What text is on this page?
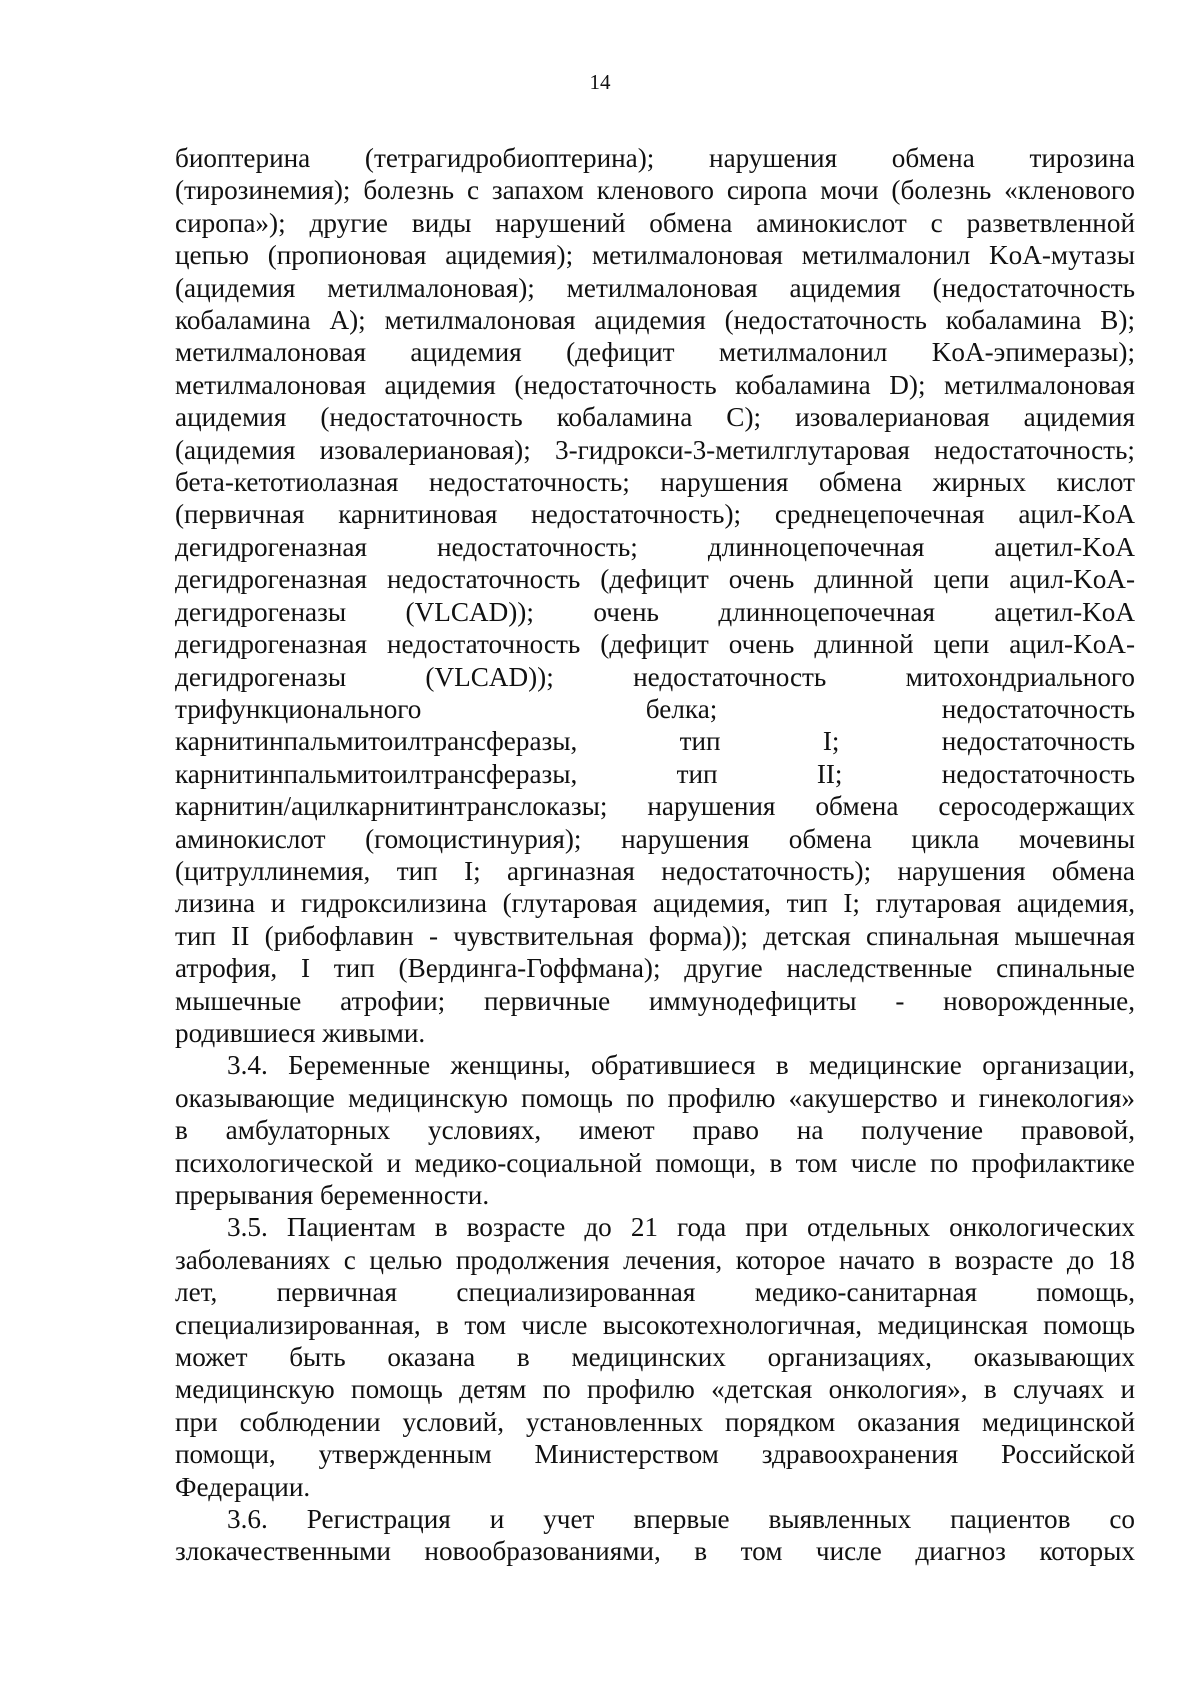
14
биоптерина (тетрагидробиоптерина); нарушения обмена тирозина
(тирозинемия); болезнь с запахом кленового сиропа мочи (болезнь «кленового
сиропа»); другие виды нарушений обмена аминокислот с разветвленной
цепью (пропионовая ацидемия); метилмалоновая метилмалонил KoA-мутазы
(ацидемия метилмалоновая); метилмалоновая ацидемия (недостаточность
кобаламина A); метилмалоновая ацидемия (недостаточность кобаламина B);
метилмалоновая ацидемия (дефицит метилмалонил KoA-эпимеразы);
метилмалоновая ацидемия (недостаточность кобаламина D); метилмалоновая
ацидемия (недостаточность кобаламина C); изовалериановая ацидемия
(ацидемия изовалериановая); 3-гидрокси-3-метилглутаровая недостаточность;
бета-кетотиолазная недостаточность; нарушения обмена жирных кислот
(первичная карнитиновая недостаточность); среднецепочечная ацил-KoA
дегидрогеназная недостаточность; длинноцепочечная ацетил-KoA
дегидрогеназная недостаточность (дефицит очень длинной цепи ацил-KoA-
дегидрогеназы (VLCAD)); очень длинноцепочечная ацетил-KoA
дегидрогеназная недостаточность (дефицит очень длинной цепи ацил-KoA-
дегидрогеназы (VLCAD)); недостаточность митохондриального
трифункционального белка; недостаточность
карнитинпальмитоилтрансферазы, тип I; недостаточность
карнитинпальмитоилтрансферазы, тип II; недостаточность
карнитин/ацилкарнитинтранслоказы; нарушения обмена серосодержащих
аминокислот (гомоцистинурия); нарушения обмена цикла мочевины
(цитруллинемия, тип I; аргиназная недостаточность); нарушения обмена
лизина и гидроксилизина (глутаровая ацидемия, тип I; глутаровая ацидемия,
тип II (рибофлавин - чувствительная форма)); детская спинальная мышечная
атрофия, I тип (Вердинга-Гоффмана); другие наследственные спинальные
мышечные атрофии; первичные иммунодефициты - новорожденные,
родившиеся живыми.
3.4. Беременные женщины, обратившиеся в медицинские организации,
оказывающие медицинскую помощь по профилю «акушерство и гинекология»
в амбулаторных условиях, имеют право на получение правовой,
психологической и медико-социальной помощи, в том числе по профилактике
прерывания беременности.
3.5. Пациентам в возрасте до 21 года при отдельных онкологических
заболеваниях с целью продолжения лечения, которое начато в возрасте до 18
лет, первичная специализированная медико-санитарная помощь,
специализированная, в том числе высокотехнологичная, медицинская помощь
может быть оказана в медицинских организациях, оказывающих
медицинскую помощь детям по профилю «детская онкология», в случаях и
при соблюдении условий, установленных порядком оказания медицинской
помощи, утвержденным Министерством здравоохранения Российской
Федерации.
3.6. Регистрация и учет впервые выявленных пациентов со
злокачественными новообразованиями, в том числе диагноз которых
